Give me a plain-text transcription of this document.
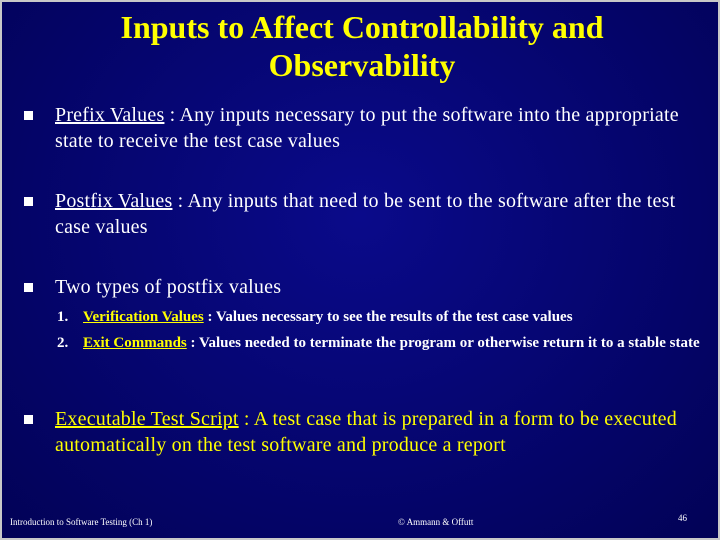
Inputs to Affect Controllability and
Observability
Prefix Values : Any inputs necessary to put the software into the appropriate state to receive the test case values
Postfix Values : Any inputs that need to be sent to the software after the test case values
Two types of postfix values
1. Verification Values : Values necessary to see the results of the test case values
2. Exit Commands : Values needed to terminate the program or otherwise return it to a stable state
Executable Test Script : A test case that is prepared in a form to be executed automatically on the test software and produce a report
Introduction to Software Testing (Ch 1)	© Ammann & Offutt	46
